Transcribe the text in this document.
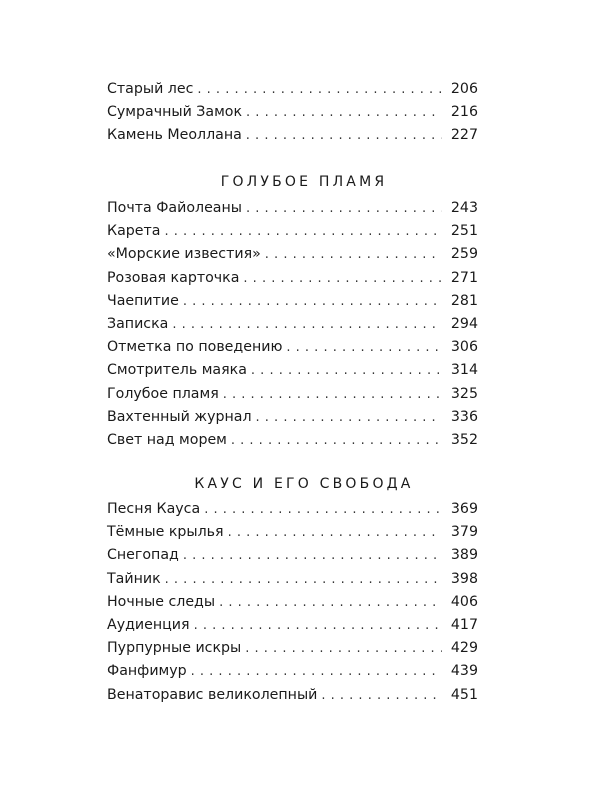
Старый лес . . .	206
Сумрачный Замок . . .	216
Камень Меоллана . . .	227
ГОЛУБОЕ ПЛАМЯ
Почта Файолеаны . . .	243
Карета . . .	251
«Морские известия» . . .	259
Розовая карточка . . .	271
Чаепитие . . .	281
Записка . . .	294
Отметка по поведению . . .	306
Смотритель маяка . . .	314
Голубое пламя . . .	325
Вахтенный журнал . . .	336
Свет над морем . . .	352
КАУС И ЕГО СВОБОДА
Песня Кауса . . .	369
Тёмные крылья . . .	379
Снегопад . . .	389
Тайник . . .	398
Ночные следы . . .	406
Аудиенция . . .	417
Пурпурные искры . . .	429
Фанфимур . . .	439
Венаторавис великолепный . . .	451
